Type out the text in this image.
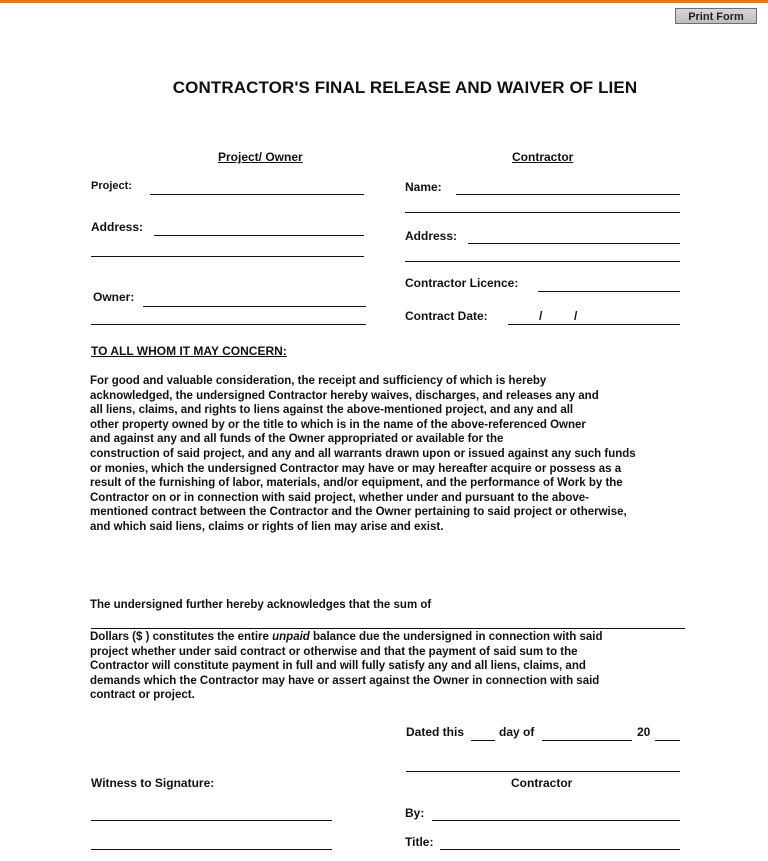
Print Form
CONTRACTOR'S FINAL RELEASE AND WAIVER OF LIEN
Project/ Owner	Contractor
Project:
Address:
Owner:
Name:
Address:
Contractor Licence:
Contract Date:	/	/
TO ALL WHOM IT MAY CONCERN:
For good and valuable consideration, the receipt and sufficiency of which is hereby
acknowledged, the undersigned Contractor hereby waives, discharges, and releases any and
all liens, claims, and rights to liens against the above-mentioned project, and any and all
other property owned by or the title to which is in the name of the above-referenced Owner
and against any and all funds of the Owner appropriated or available for the
construction of said project, and any and all warrants drawn upon or issued against any such funds
or monies, which the undersigned Contractor may have or may hereafter acquire or possess as a
result of the furnishing of labor, materials, and/or equipment, and the performance of Work by the
Contractor on or in connection with said project, whether under and pursuant to the above-
mentioned contract between the Contractor and the Owner pertaining to said project or otherwise,
and which said liens, claims or rights of lien may arise and exist.
The undersigned further hereby acknowledges that the sum of
Dollars ($ ) constitutes the entire unpaid balance due the undersigned in connection with said
project whether under said contract or otherwise and that the payment of said sum to the
Contractor will constitute payment in full and will fully satisfy any and all liens, claims, and
demands which the Contractor may have or assert against the Owner in connection with said
contract or project.
Dated this	day of	20
Contractor
By:
Title:
Witness to Signature:
